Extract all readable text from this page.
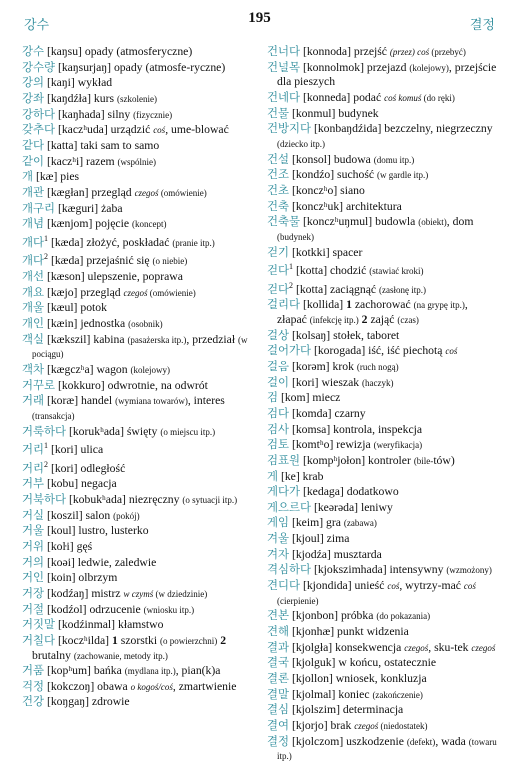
강수	195	결정
강수 [kaŋsu] opady (atmosferyczne)
강수량 [kaŋsurjaŋ] opady (atmosfe-ryczne)
강의 [kaŋi] wykład
강좌 [kaŋdźła] kurs (szkolenie)
강하다 [kaŋhada] silny (fizycznie)
갖추다 [kaczʰuda] urządzić coś, ume-blować
같다 [katta] taki sam to samo
같이 [kaczʰi] razem (wspólnie)
개 [kæ] pies
개관 [kægłan] przegląd czegoś (omówienie)
개구리 [kæguri] żaba
개념 [kænjom] pojęcie (koncept)
개다$^1$ [kæda] złożyć, poskładać (pranie itp.)
개다$^2$ [kæda] przejaśnić się (o niebie)
개선 [kæson] ulepszenie, poprawa
개요 [kæjo] przegląd czegoś (omówienie)
개울 [kæul] potok
개인 [kæin] jednostka (osobnik)
객실 [kækszil] kabina (pasażerska itp.), przedział (w pociągu)
객차 [kægczʰa] wagon (kolejowy)
거꾸로 [kokkuro] odwrotnie, na odwrót
거래 [koræ] handel (wymiana towarów), interes (transakcja)
거룩하다 [korukʰada] święty (o miejscu itp.)
거리$^1$ [kori] ulica
거리$^2$ [kori] odległość
거부 [kobu] negacja
거북하다 [kobukʰada] niezręczny (o sytuacji itp.)
거실 [koszil] salon (pokój)
거울 [koul] lustro, lusterko
거위 [koŀi] gęś
거의 [koəi] ledwie, zaledwie
거인 [koin] olbrzym
거장 [kodźaŋ] mistrz w czymś (w dziedzinie)
거절 [kodźol] odrzucenie (wniosku itp.)
거짓말 [kodźinmal] kłamstwo
거칠다 [koczʰilda] 1 szorstki (o powierzchni) 2 brutalny (zachowanie, metody itp.)
거품 [kopʰum] bańka (mydlana itp.), pian(k)a
걱정 [kokczoŋ] obawa o kogoś/coś, zmartwienie
건강 [koŋgaŋ] zdrowie
건너다 [konnoda] przejść (przez) coś (przebyć)
건널목 [konnolmok] przejazd (kolejowy), przejście dla pieszych
건네다 [konneda] podać coś komuś (do ręki)
건물 [konmul] budynek
건방지다 [konbaŋdźida] bezczelny, niegrzeczny (dziecko itp.)
건설 [konsol] budowa (domu itp.)
건조 [kondźo] suchość (w gardle itp.)
건초 [konczʰo] siano
건축 [konczʰuk] architektura
건축물 [konczʰuŋmul] budowla (obiekt), dom (budynek)
걷기 [kotkki] spacer
걷다$^1$ [kotta] chodzić (stawiać kroki)
걷다$^2$ [kotta] zaciągnąć (zasłonę itp.)
걸리다 [kollida] 1 zachorować (na grypę itp.), złapać (infekcję itp.) 2 zająć (czas)
걸상 [kolsaŋ] stołek, taboret
걸어가다 [korogada] iść, iść piechotą coś
걸음 [korəm] krok (ruch nogą)
걸이 [kori] wieszak (haczyk)
검 [kom] miecz
검다 [komda] czarny
검사 [komsa] kontrola, inspekcja
검토 [komtʰo] rewizja (weryfikacja)
검표원 [kompʰjołon] kontroler (bile-tów)
게 [ke] krab
게다가 [kedaga] dodatkowo
게으르다 [keərəda] leniwy
게임 [keim] gra (zabawa)
겨울 [kjoul] zima
겨자 [kjodźa] musztarda
격심하다 [kjokszimhada] intensywny (wzmożony)
견디다 [kjondida] unieść coś, wytrzy-mać coś (cierpienie)
견본 [kjonbon] próbka (do pokazania)
견해 [kjonhæ] punkt widzenia
결과 [kjolgła] konsekwencja czegoś, sku-tek czegoś
결국 [kjolguk] w końcu, ostatecznie
결론 [kjollon] wniosek, konkluzja
결말 [kjolmal] koniec (zakończenie)
결심 [kjolszim] determinacja
결여 [kjorjo] brak czegoś (niedostatek)
결정 [kjolczom] uszkodzenie (defekt), wada (towaru itp.)
